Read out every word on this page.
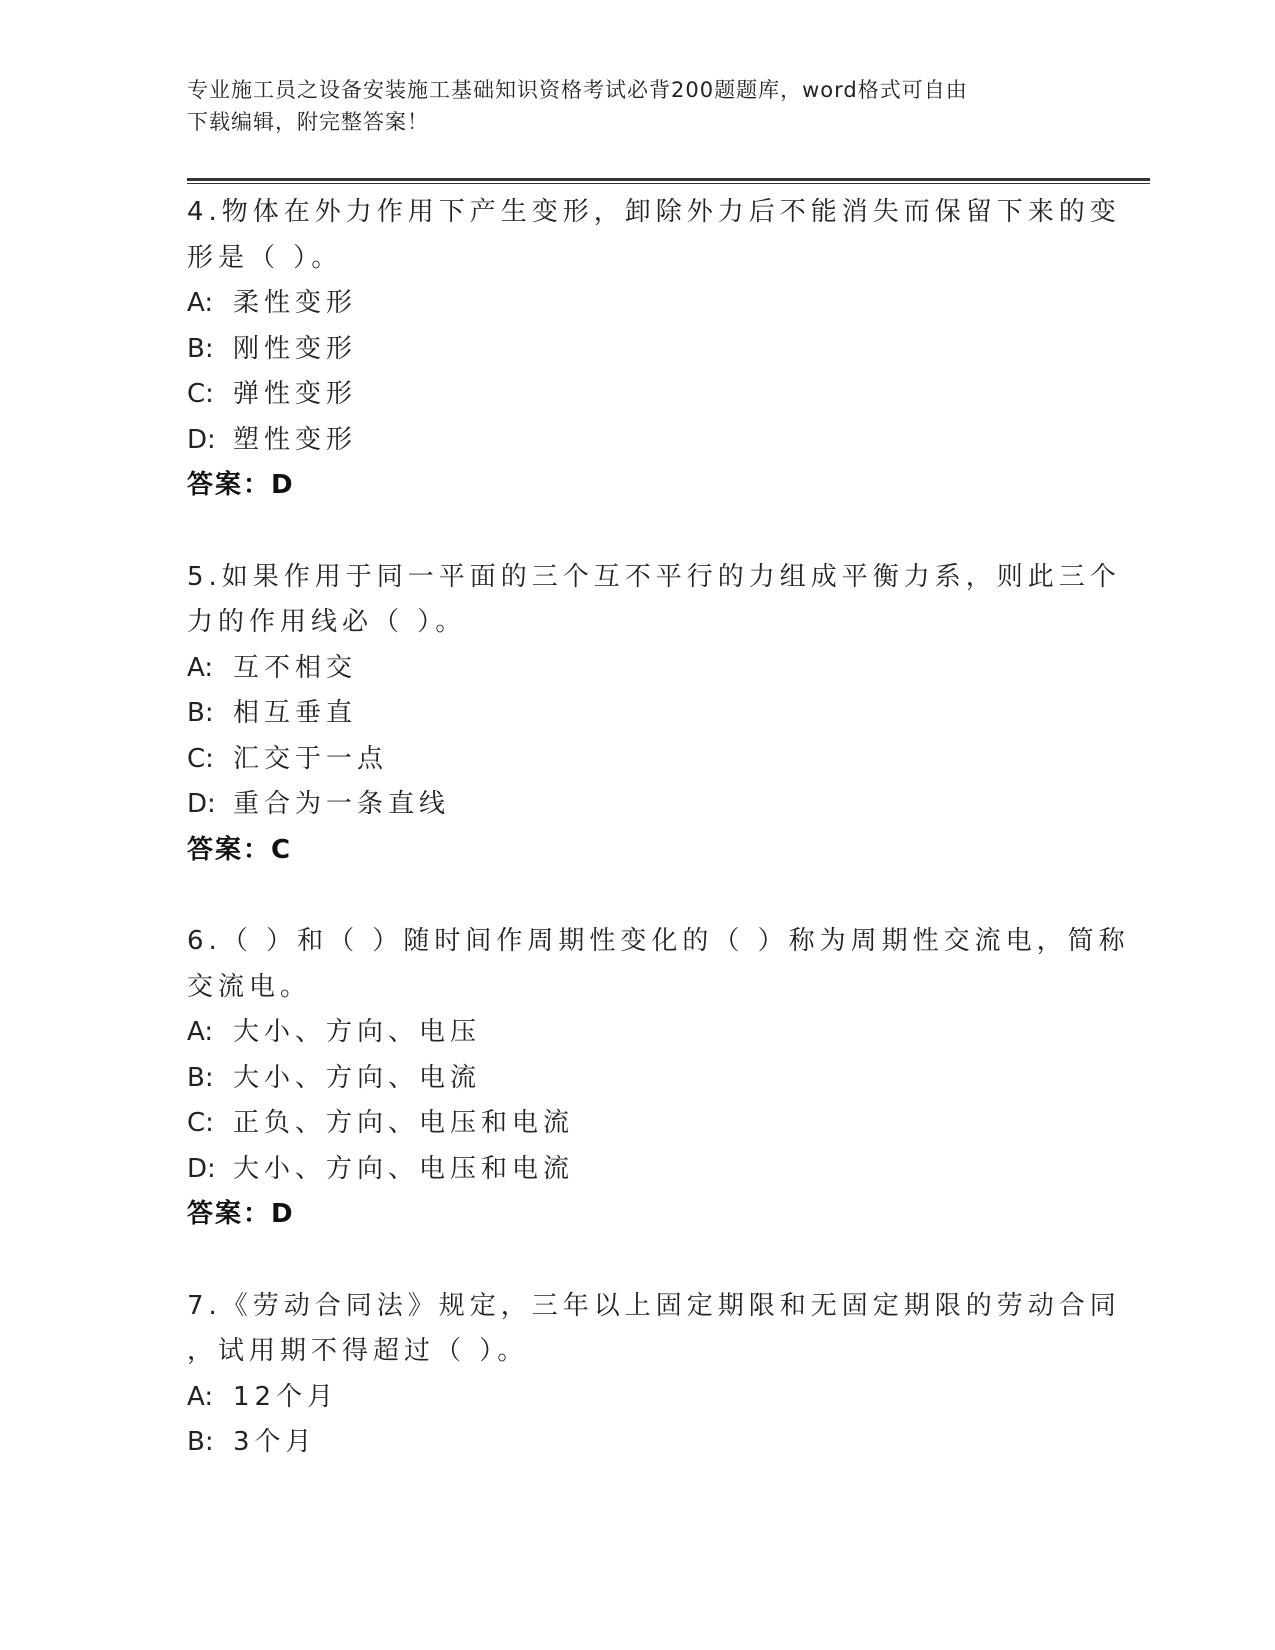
专业施工员之设备安装施工基础知识资格考试必背200题题库，word格式可自由
下载编辑，附完整答案！
4.物体在外力作用下产生变形，卸除外力后不能消失而保留下来的变
形是（ ）。
A: 柔性变形
B: 刚性变形
C: 弹性变形
D: 塑性变形
答案：D
5.如果作用于同一平面的三个互不平行的力组成平衡力系，则此三个
力的作用线必（ ）。
A: 互不相交
B: 相互垂直
C: 汇交于一点
D: 重合为一条直线
答案：C
6.（ ）和（ ）随时间作周期性变化的（ ）称为周期性交流电，简称
交流电。
A: 大小、方向、电压
B: 大小、方向、电流
C: 正负、方向、电压和电流
D: 大小、方向、电压和电流
答案：D
7.《劳动合同法》规定，三年以上固定期限和无固定期限的劳动合同
，试用期不得超过（ ）。
A: 12个月
B: 3个月
